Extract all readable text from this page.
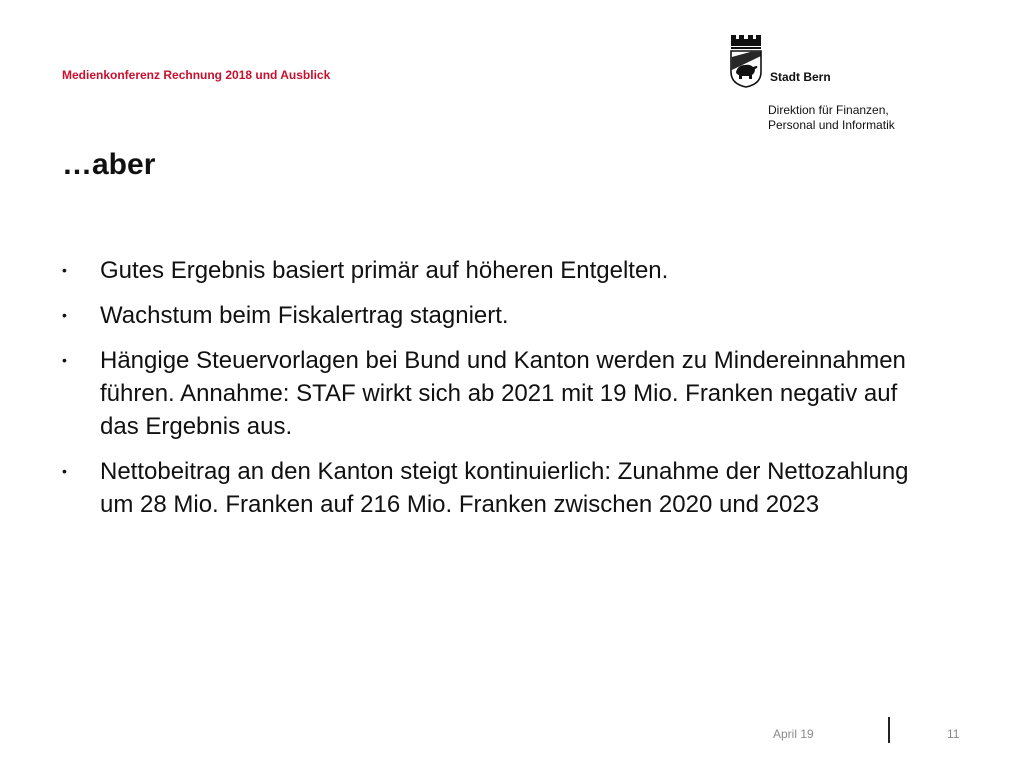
Medienkonferenz Rechnung 2018 und Ausblick	Stadt Bern
Direktion für Finanzen,
Personal und Informatik
…aber
• Gutes Ergebnis basiert primär auf höheren Entgelten.
• Wachstum beim Fiskalertrag stagniert.
• Hängige Steuervorlagen bei Bund und Kanton werden zu Mindereinnahmen führen. Annahme: STAF wirkt sich ab 2021 mit 19 Mio. Franken negativ auf das Ergebnis aus.
• Nettobeitrag an den Kanton steigt kontinuierlich: Zunahme der Nettozahlung um 28 Mio. Franken auf 216 Mio. Franken zwischen 2020 und 2023
April 19	11
